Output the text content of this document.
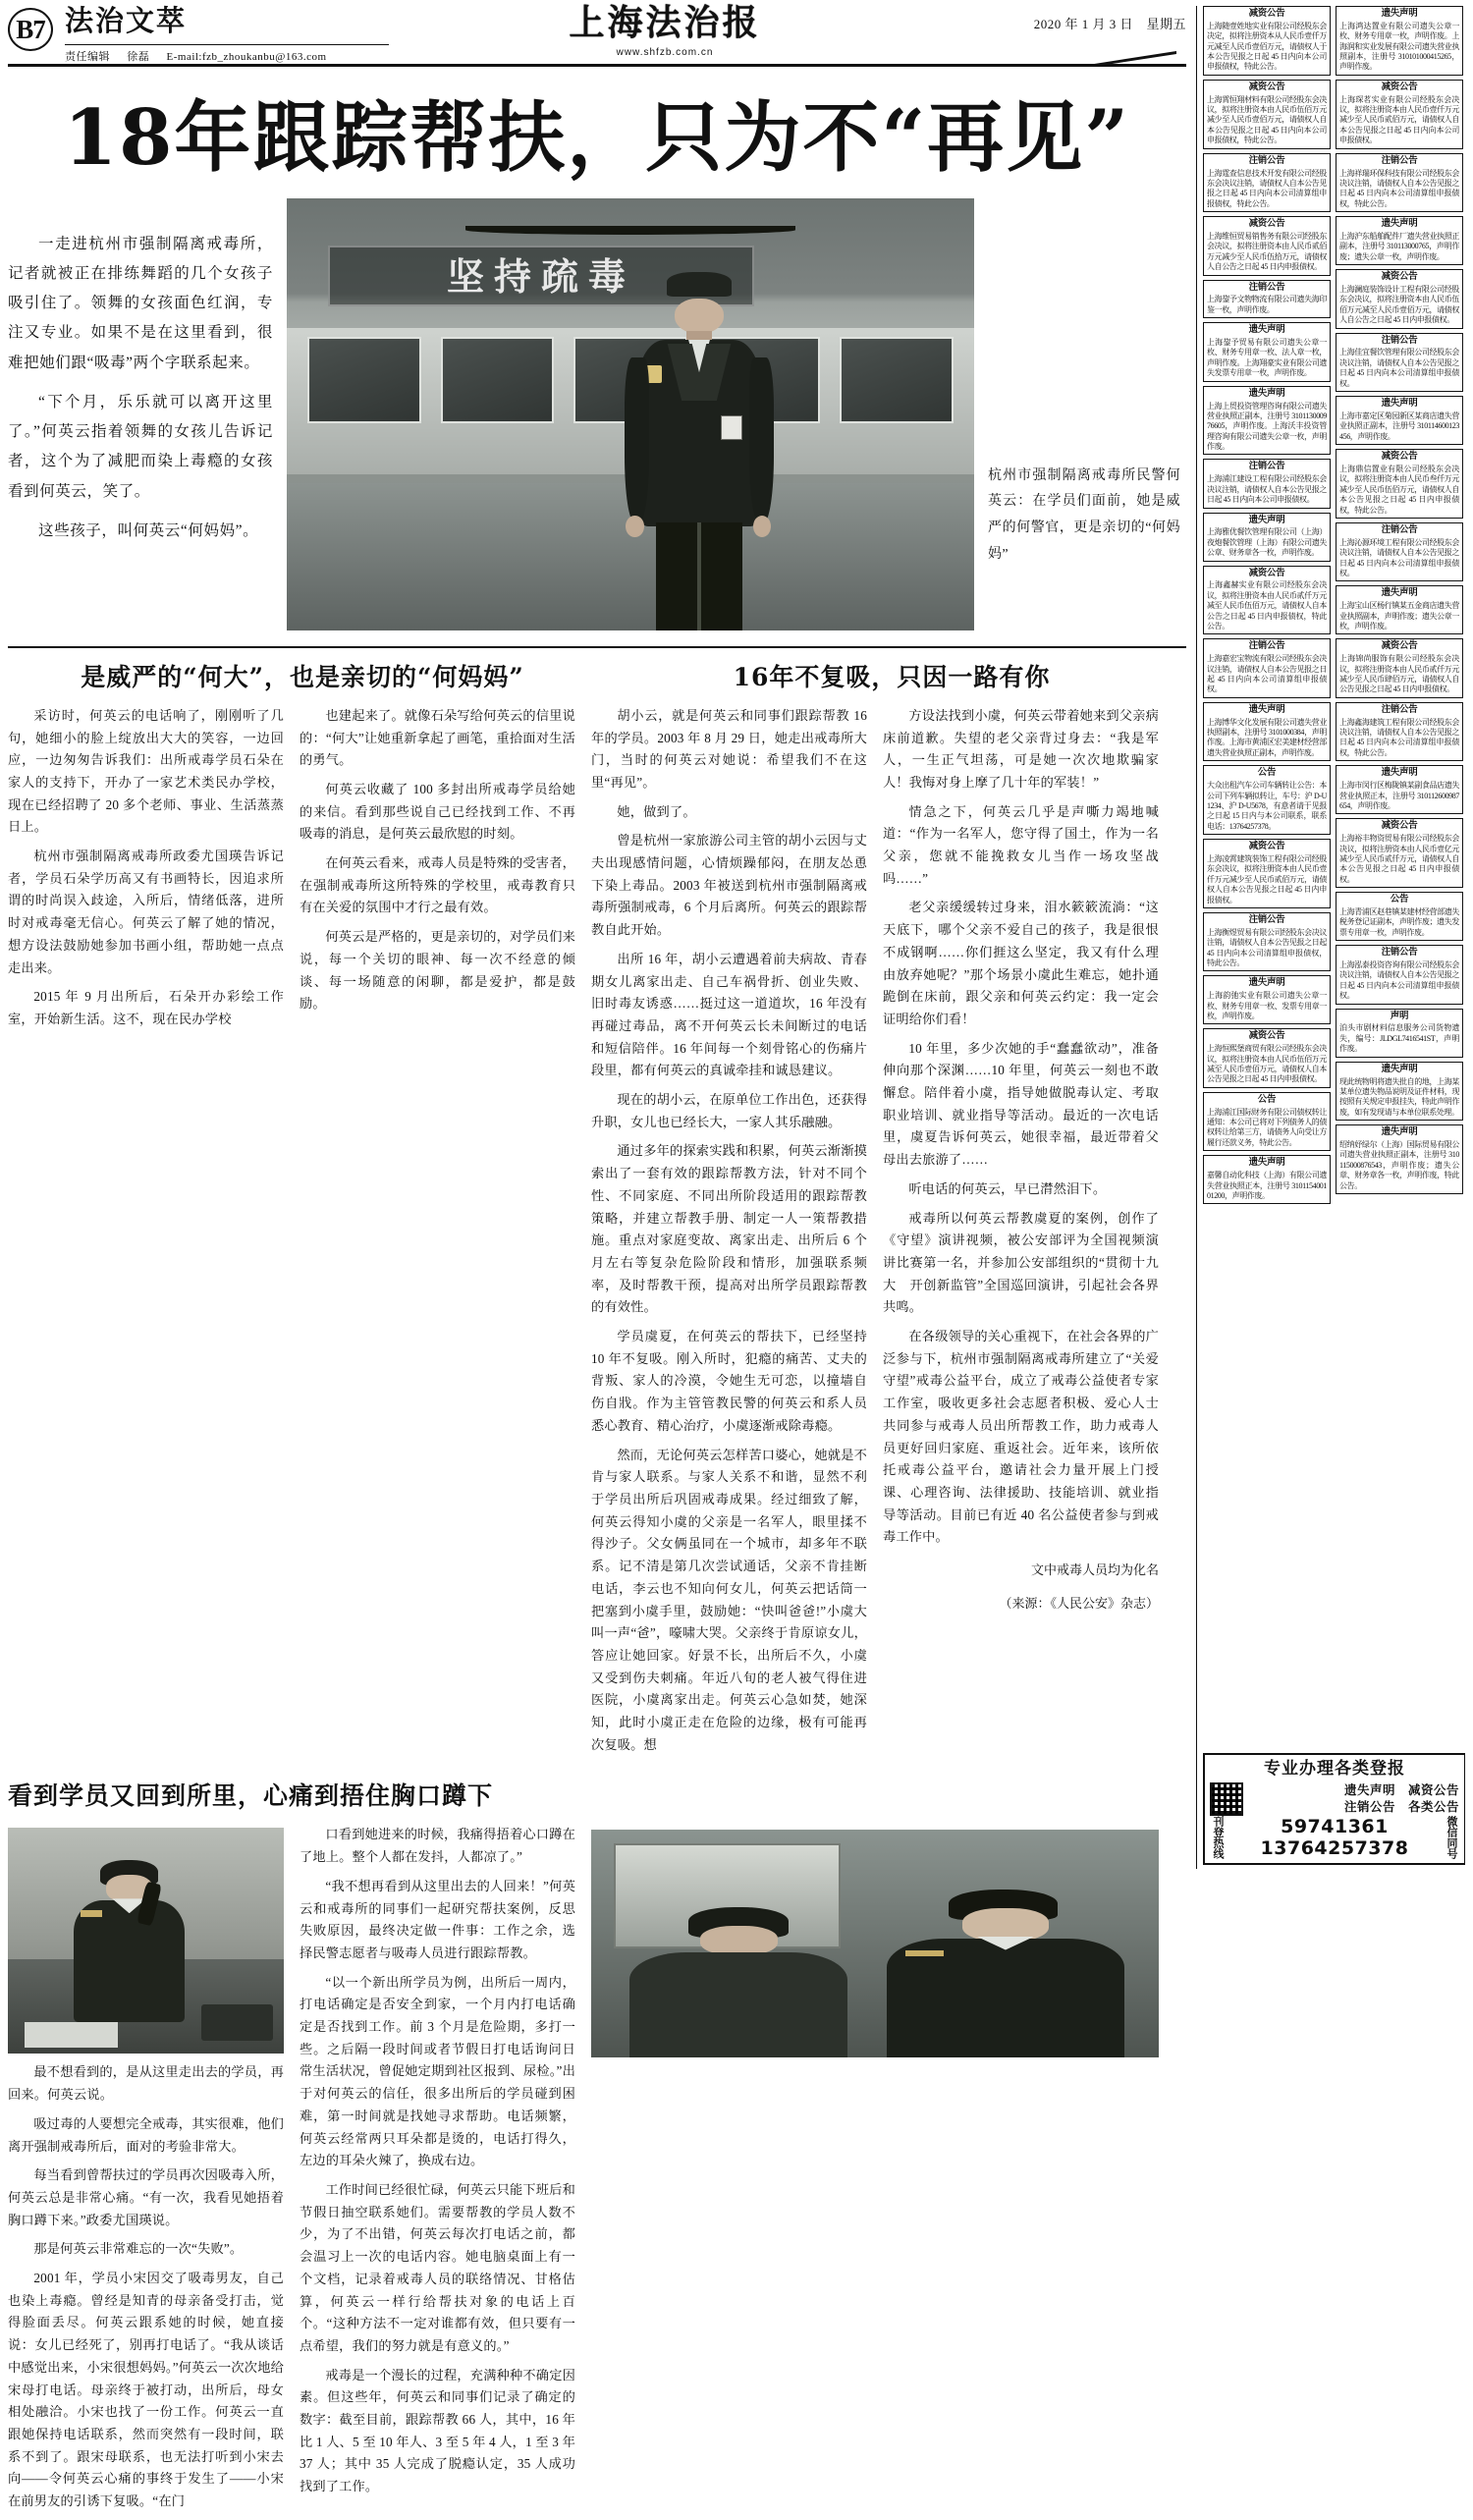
B7 法治文萃
责任编辑 徐磊 E-mail:fzb_zhoukanbu@163.com
上海法治报
www.shfzb.com.cn
2020 年 1 月 3 日　星期五
18年跟踪帮扶，只为不“再见”

一走进杭州市强制隔离戒毒所，记者就被正在排练舞蹈的几个女孩子吸引住了。领舞的女孩面色红润，专注又专业。如果不是在这里看到，很难把她们跟“吸毒”两个字联系起来。

“下个月，乐乐就可以离开这里了。”何英云指着领舞的女孩儿告诉记者，这个为了减肥而染上毒瘾的女孩看到何英云，笑了。

这些孩子，叫何英云“何妈妈”。

坚持疏毒
杭州市强制隔离戒毒所民警何英云：在学员们面前，她是威严的何警官，更是亲切的“何妈妈”
是威严的“何大”，也是亲切的“何妈妈”	16年不复吸，只因一路有你

采访时，何英云的电话响了，刚刚听了几句，她细小的脸上绽放出大大的笑容，一边回应，一边匆匆告诉我们：出所戒毒学员石朵在家人的支持下，开办了一家艺术类民办学校，现在已经招聘了 20 多个老师、事业、生活蒸蒸日上。

杭州市强制隔离戒毒所政委尤国瑛告诉记者，学员石朵学历高又有书画特长，因追求所谓的时尚误入歧途，入所后，情绪低落，进所时对戒毒毫无信心。何英云了解了她的情况，想方设法鼓励她参加书画小组，帮助她一点点走出来。

2015 年 9 月出所后，石朵开办彩绘工作室，开始新生活。这不，现在民办学校

也建起来了。就像石朵写给何英云的信里说的：“何大”让她重新拿起了画笔，重拾面对生活的勇气。

何英云收藏了 100 多封出所戒毒学员给她的来信。看到那些说自己已经找到工作、不再吸毒的消息，是何英云最欣慰的时刻。

在何英云看来，戒毒人员是特殊的受害者，在强制戒毒所这所特殊的学校里，戒毒教育只有在关爱的氛围中才行之最有效。

何英云是严格的，更是亲切的，对学员们来说，每一个关切的眼神、每一次不经意的倾谈、每一场随意的闲聊，都是爱护，都是鼓励。

胡小云，就是何英云和同事们跟踪帮教 16 年的学员。2003 年 8 月 29 日，她走出戒毒所大门，当时的何英云对她说：希望我们不在这里“再见”。

她，做到了。

曾是杭州一家旅游公司主管的胡小云因与丈夫出现感情问题，心情烦躁郁闷，在朋友怂恿下染上毒品。2003 年被送到杭州市强制隔离戒毒所强制戒毒，6 个月后离所。何英云的跟踪帮教自此开始。

出所 16 年，胡小云遭遇着前夫病故、青春期女儿离家出走、自己车祸骨折、创业失败、旧时毒友诱惑……挺过这一道道坎，16 年没有再碰过毒品，离不开何英云长未间断过的电话和短信陪伴。16 年间每一个刻骨铭心的伤痛片段里，都有何英云的真诚牵挂和诚恳建议。

现在的胡小云，在原单位工作出色，还获得升职，女儿也已经长大，一家人其乐融融。

通过多年的探索实践和积累，何英云渐渐摸索出了一套有效的跟踪帮教方法，针对不同个性、不同家庭、不同出所阶段适用的跟踪帮教策略，并建立帮教手册、制定一人一策帮教措施。重点对家庭变故、离家出走、出所后 6 个月左右等复杂危险阶段和情形，加强联系频率，及时帮教干预，提高对出所学员跟踪帮教的有效性。

学员虞夏，在何英云的帮扶下，已经坚持 10 年不复吸。刚入所时，犯瘾的痛苦、丈夫的背叛、家人的冷漠，令她生无可恋，以撞墙自伤自戕。作为主管管教民警的何英云和系人员悉心教育、精心治疗，小虞逐渐戒除毒瘾。

然而，无论何英云怎样苦口婆心，她就是不肯与家人联系。与家人关系不和谐，显然不利于学员出所后巩固戒毒成果。经过细致了解，何英云得知小虞的父亲是一名军人，眼里揉不得沙子。父女俩虽同在一个城市，却多年不联系。记不清是第几次尝试通话，父亲不肯挂断电话，李云也不知向何女儿，何英云把话筒一把塞到小虞手里，鼓励她：“快叫爸爸!”小虞大叫一声“爸”，嚎啸大哭。父亲终于肯原谅女儿，答应让她回家。好景不长，出所后不久，小虞又受到伤夫刺痛。年近八旬的老人被气得住进医院，小虞离家出走。何英云心急如焚，她深知，此时小虞正走在危险的边缘，极有可能再次复吸。想

方设法找到小虞，何英云带着她来到父亲病床前道歉。失望的老父亲背过身去：“我是军人，一生正气坦荡，可是她一次次地欺骗家人！我悔对身上摩了几十年的军装！”

情急之下，何英云几乎是声嘶力竭地喊道：“作为一名军人，您守得了国土，作为一名父亲，您就不能挽救女儿当作一场攻坚战吗……”

老父亲缓缓转过身来，泪水簌簌流淌：“这天底下，哪个父亲不爱自己的孩子，我是很恨不成钢啊……你们捱这么坚定，我又有什么理由放弃她呢？”那个场景小虞此生难忘，她扑通跪倒在床前，跟父亲和何英云约定：我一定会证明给你们看！

10 年里，多少次她的手“蠢蠢欲动”，准备伸向那个深渊……10 年里，何英云一刻也不敢懈怠。陪伴着小虞，指导她做脱毒认定、考取职业培训、就业指导等活动。最近的一次电话里，虞夏告诉何英云，她很幸福，最近带着父母出去旅游了……

听电话的何英云，早已潸然泪下。

戒毒所以何英云帮教虞夏的案例，创作了《守望》演讲视频，被公安部评为全国视频演讲比赛第一名，并参加公安部组织的“贯彻十九大　开创新监管”全国巡回演讲，引起社会各界共鸣。

在各级领导的关心重视下，在社会各界的广泛参与下，杭州市强制隔离戒毒所建立了“关爱守望”戒毒公益平台，成立了戒毒公益使者专家工作室，吸收更多社会志愿者积极、爱心人士共同参与戒毒人员出所帮教工作，助力戒毒人员更好回归家庭、重返社会。近年来，该所依托戒毒公益平台，邀请社会力量开展上门授课、心理咨询、法律援助、技能培训、就业指导等活动。目前已有近 40 名公益使者参与到戒毒工作中。

文中戒毒人员均为化名
（来源：《人民公安》杂志）
看到学员又回到所里，心痛到捂住胸口蹲下

最不想看到的，是从这里走出去的学员，再回来。何英云说。

吸过毒的人要想完全戒毒，其实很难，他们离开强制戒毒所后，面对的考验非常大。

每当看到曾帮扶过的学员再次因吸毒入所，何英云总是非常心痛。“有一次，我看见她捂着胸口蹲下来。”政委尤国瑛说。

那是何英云非常难忘的一次“失败”。

2001 年，学员小宋因交了吸毒男友，自己也染上毒瘾。曾经是知青的母亲备受打击，觉得脸面丢尽。何英云跟系她的时候，她直接说：女儿已经死了，别再打电话了。“我从谈话中感觉出来，小宋很想妈妈。”何英云一次次地给宋母打电话。母亲终于被打动，出所后，母女相处融洽。小宋也找了一份工作。何英云一直跟她保持电话联系，然而突然有一段时间，联系不到了。跟宋母联系，也无法打听到小宋去向——令何英云心痛的事终于发生了——小宋在前男友的引诱下复吸。“在门

口看到她进来的时候，我痛得捂着心口蹲在了地上。整个人都在发抖，人都凉了。”

“我不想再看到从这里出去的人回来！”何英云和戒毒所的同事们一起研究帮扶案例，反思失败原因，最终决定做一件事：工作之余，选择民警志愿者与吸毒人员进行跟踪帮教。

“以一个新出所学员为例，出所后一周内，打电话确定是否安全到家，一个月内打电话确定是否找到工作。前 3 个月是危险期，多打一些。之后隔一段时间或者节假日打电话询问日常生活状况，曾促她定期到社区报到、尿检。”出于对何英云的信任，很多出所后的学员碰到困难，第一时间就是找她寻求帮助。电话频繁，何英云经常两只耳朵都是烫的，电话打得久，左边的耳朵火辣了，换成右边。

工作时间已经很忙碌，何英云只能下班后和节假日抽空联系她们。需要帮教的学员人数不少，为了不出错，何英云每次打电话之前，都会温习上一次的电话内容。她电脑桌面上有一个文档，记录着戒毒人员的联络情况、甘格估算，何英云一样行给帮扶对象的电话上百个。“这种方法不一定对谁都有效，但只要有一点希望，我们的努力就是有意义的。”

戒毒是一个漫长的过程，充满种种不确定因素。但这些年，何英云和同事们记录了确定的数字：截至目前，跟踪帮教 66 人，其中，16 年比 1 人、5 至 10 年人、3 至 5 年 4 人，1 至 3 年 37 人；其中 35 人完成了脱瘾认定，35 人成功找到了工作。

减资公告
上海随壹姓地实业有限公司经股东会决定，拟将注册资本从人民币壹仟万元减至人民币壹佰万元，请债权人于本公告见报之日起 45 日内向本公司申报债权，特此公告。
减资公告
上海霄恒翔材料有限公司经股东会决议，拟将注册资本由人民币伍佰万元减少至人民币壹佰万元，请债权人自本公告见报之日起 45 日内向本公司申报债权，特此公告。
注销公告
上海霆查信息技术开发有限公司经股东会决议注销，请债权人自本公告见报之日起 45 日内向本公司清算组申报债权，特此公告。
减资公告
上海维恒贸易销售务有限公司经股东会决议，拟将注册资本由人民币贰佰万元减少至人民币伍拾万元，请债权人自公告之日起 45 日内申报债权。
注销公告
上海鋆予文物物流有限公司遗失海印鉴一枚，声明作废。
遗失声明
上海鋆予贸易有限公司遗失公章一枚、财务专用章一枚、法人章一枚，声明作废。上海翔豪实业有限公司遗失发票专用章一枚，声明作废。
遗失声明
上海上贸投资管理咨询有限公司遗失营业执照正副本，注册号 310113000976605，声明作废。上海沃丰投资管理咨询有限公司遗失公章一枚，声明作废。
注销公告
上海浦江建设工程有限公司经股东会决议注销，请债权人自本公告见报之日起 45 日内向本公司申报债权。
遗失声明
上海雅优餐饮管理有限公司（上海）夜炮餐饮管理（上海）有限公司遗失公章、财务章各一枚，声明作废。
减资公告
上海鑫赫实业有限公司经股东会决议，拟将注册资本由人民币贰仟万元减至人民币伍佰万元，请债权人自本公告之日起 45 日内申报债权，特此公告。
注销公告
上海嘉宏宝物流有限公司经股东会决议注销，请债权人自本公告见报之日起 45 日内向本公司清算组申报债权。
遗失声明
上海博华文化发展有限公司遗失营业执照副本，注册号 3101000384，声明作废。上海市黄浦区宏美建材经营部遗失营业执照正副本，声明作废。
公告
大众出租汽车公司车辆转让公告：本公司下列车辆拟转让，车号：沪 D-U1234、沪 D-U5678，有意者请于见报之日起 15 日内与本公司联系，联系电话：13764257378。
减资公告
上海凌霄建筑装饰工程有限公司经股东会决议，拟将注册资本由人民币壹仟万元减少至人民币贰佰万元，请债权人自本公告见报之日起 45 日内申报债权。
注销公告
上海衡煜贸易有限公司经股东会决议注销，请债权人自本公告见报之日起 45 日内向本公司清算组申报债权，特此公告。
遗失声明
上海韵弛实业有限公司遗失公章一枚、财务专用章一枚、发票专用章一枚，声明作废。
减资公告
上海恒熙堡商贸有限公司经股东会决议，拟将注册资本由人民币伍佰万元减至人民币壹佰万元，请债权人自本公告见报之日起 45 日内申报债权。
公告
上海浦江国际财务有限公司债权转让通知：本公司已将对下列债务人的债权转让给第三方，请债务人向受让方履行还款义务，特此公告。
遗失声明
嘉馨自动化科技（上海）有限公司遗失营业执照正本，注册号 310115400101200，声明作废。
遗失声明
上海鸿达置业有限公司遗失公章一枚、财务专用章一枚，声明作废。上海润和实业发展有限公司遗失营业执照副本，注册号 310101000415265，声明作废。
减资公告
上海琛茗实业有限公司经股东会决议，拟将注册资本由人民币壹仟万元减少至人民币贰佰万元，请债权人自本公告见报之日起 45 日内向本公司申报债权。
注销公告
上海祥瑞环保科技有限公司经股东会决议注销，请债权人自本公告见报之日起 45 日内向本公司清算组申报债权，特此公告。
遗失声明
上海沪东船舶配件厂遗失营业执照正副本，注册号 310113000765，声明作废；遗失公章一枚，声明作废。
减资公告
上海澜庭装饰设计工程有限公司经股东会决议，拟将注册资本由人民币伍佰万元减至人民币壹佰万元，请债权人自公告之日起 45 日内申报债权。
注销公告
上海佳宜餐饮管理有限公司经股东会决议注销，请债权人自本公告见报之日起 45 日内向本公司清算组申报债权。
遗失声明
上海市嘉定区菊园新区某商店遗失营业执照正副本，注册号 310114600123456，声明作废。
减资公告
上海鼎信置业有限公司经股东会决议，拟将注册资本由人民币叁仟万元减少至人民币伍佰万元，请债权人自本公告见报之日起 45 日内申报债权，特此公告。
注销公告
上海沁源环境工程有限公司经股东会决议注销，请债权人自本公告见报之日起 45 日内向本公司清算组申报债权。
遗失声明
上海宝山区杨行镇某五金商店遗失营业执照副本，声明作废；遗失公章一枚，声明作废。
减资公告
上海锦尚服饰有限公司经股东会决议，拟将注册资本由人民币贰仟万元减少至人民币肆佰万元，请债权人自公告见报之日起 45 日内申报债权。
注销公告
上海鑫海建筑工程有限公司经股东会决议注销，请债权人自本公告见报之日起 45 日内向本公司清算组申报债权，特此公告。
遗失声明
上海市闵行区梅陇镇某副食品店遗失营业执照正本，注册号 310112600987654，声明作废。
减资公告
上海裕丰物资贸易有限公司经股东会决议，拟将注册资本由人民币壹亿元减少至人民币贰仟万元，请债权人自本公告见报之日起 45 日内申报债权。
公告
上海青浦区赵巷镇某建材经营部遗失税务登记证副本，声明作废；遗失发票专用章一枚，声明作废。
注销公告
上海泓泰投资咨询有限公司经股东会决议注销，请债权人自本公告见报之日起 45 日内向本公司清算组申报债权。
声明
泊头市剧材料信息服务公司货物遗失，编号：JLDGL7416541ST，声明作废。
遗失声明
现此统物明将遗失批自的地，上海某某单位遗失物品说明及证件材料，现按照有关规定申报挂失，特此声明作废，如有发现请与本单位联系处理。
遗失声明
绍纳妤绿尔（上海）国际贸易有限公司遗失营业执照正副本，注册号 310115000876543，声明作废；遗失公章、财务章各一枚，声明作废，特此公告。
专业办理各类登报
遗失声明　 减资公告
注销公告　 各类公告
刊登热线	59741361
13764257378	微信同号
